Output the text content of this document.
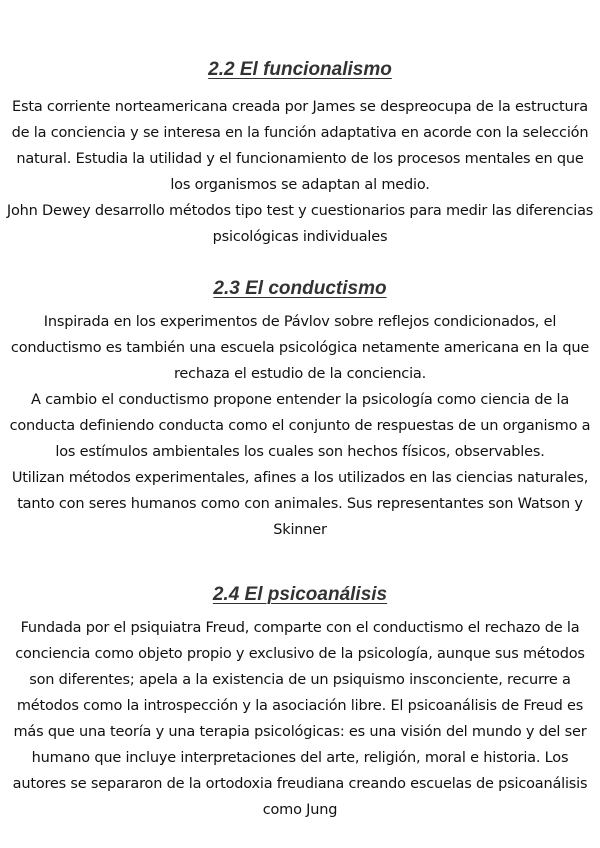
2.2 El funcionalismo

Esta corriente norteamericana creada por James se despreocupa de la estructura de la conciencia y se interesa en la función adaptativa en acorde con la selección natural. Estudia la utilidad y el funcionamiento de los procesos mentales en que los organismos se adaptan al medio.

John Dewey desarrollo métodos tipo test y cuestionarios para medir las diferencias psicológicas individuales

2.3 El conductismo

Inspirada en los experimentos de Pávlov sobre reflejos condicionados, el conductismo es también una escuela psicológica netamente americana en la que rechaza el estudio de la conciencia.

A cambio el conductismo propone entender la psicología como ciencia de la conducta definiendo conducta como el conjunto de respuestas de un organismo a los estímulos ambientales los cuales son hechos físicos, observables.

Utilizan métodos experimentales, afines a los utilizados en las ciencias naturales, tanto con seres humanos como con animales. Sus representantes son Watson y Skinner

2.4 El psicoanálisis

Fundada por el psiquiatra Freud, comparte con el conductismo el rechazo de la conciencia como objeto propio y exclusivo de la psicología, aunque sus métodos son diferentes; apela a la existencia de un psiquismo insconciente, recurre a métodos como la introspección y la asociación libre. El psicoanálisis de Freud es más que una teoría y una terapia psicológicas: es una visión del mundo y del ser humano que incluye interpretaciones del arte, religión, moral e historia. Los autores se separaron de la ortodoxia freudiana creando escuelas de psicoanálisis como Jung
